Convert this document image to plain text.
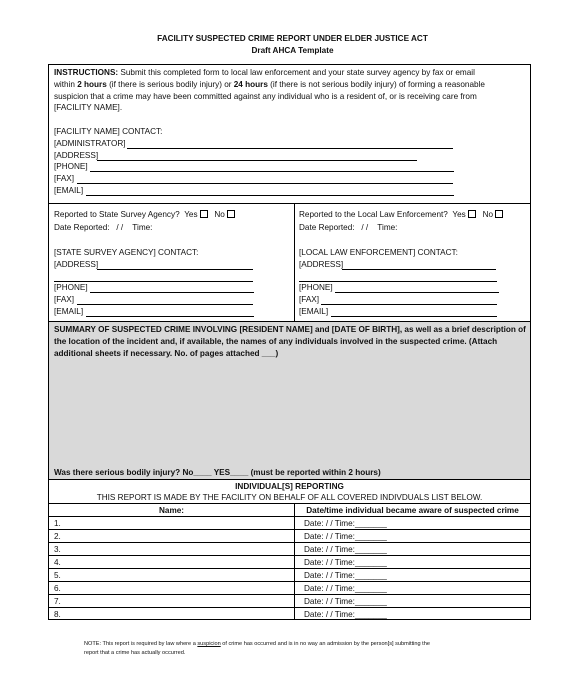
FACILITY SUSPECTED CRIME REPORT UNDER ELDER JUSTICE ACT
Draft AHCA Template
INSTRUCTIONS: Submit this completed form to local law enforcement and your state survey agency by fax or email
within 2 hours (if there is serious bodily injury) or 24 hours (if there is not serious bodily injury) of forming a reasonable
suspicion that a crime may have been committed against any individual who is a resident of, or is receiving care from
[FACILITY NAME].
[FACILITY NAME] CONTACT:
[ADMINISTRATOR]
[ADDRESS]
[PHONE]
[FAX]
[EMAIL]
Reported to State Survey Agency? Yes No
Date Reported: / / Time:
[STATE SURVEY AGENCY] CONTACT:
[ADDRESS]
[PHONE]
[FAX]
[EMAIL]
Reported to the Local Law Enforcement? Yes No
Date Reported: / / Time:
[LOCAL LAW ENFORCEMENT] CONTACT:
[ADDRESS]
[PHONE]
[FAX]
[EMAIL]
SUMMARY OF SUSPECTED CRIME INVOLVING [RESIDENT NAME] and [DATE OF BIRTH], as well as a brief description of
the location of the incident and, if available, the names of any individuals involved in the suspected crime. (Attach
additional sheets if necessary. No. of pages attached ___)
Was there serious bodily injury? No____ YES____ (must be reported within 2 hours)
INDIVIDUAL[S] REPORTING
THIS REPORT IS MADE BY THE FACILITY ON BEHALF OF ALL COVERED INDIVDUALS LIST BELOW.
Name:	Date/time individual became aware of suspected crime
1.	Date: / / Time:_______
2.	Date: / / Time:_______
3.	Date: / / Time:_______
4.	Date: / / Time:_______
5.	Date: / / Time:_______
6.	Date: / / Time:_______
7.	Date: / / Time:_______
8.	Date: / / Time:_______
NOTE: This report is required by law where a suspicion of crime has occurred and is in no way an admission by the person[s] submitting the
report that a crime has actually occurred.
